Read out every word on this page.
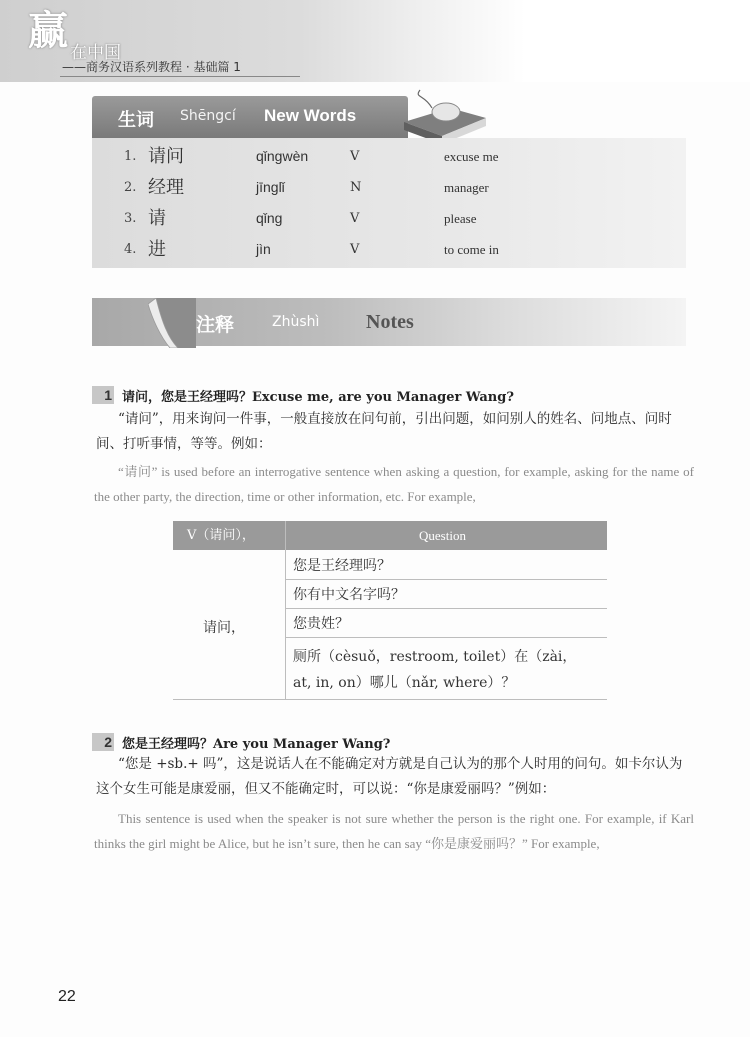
赢 在中国
——商务汉语系列教程 · 基础篇 1
生词 Shēngcí New Words
1. 请问	qǐngwèn	V	excuse me
2. 经理	jīnglǐ	N	manager
3. 请	qǐng	V	please
4. 进	jìn	V	to come in
注释	Zhùshì Notes
1 请问，您是王经理吗？Excuse me, are you Manager Wang?
“请问”，用来询问一件事，一般直接放在问句前，引出问题，如问别人的姓名、问地点、问时间、打听事情，等等。例如：
“请问” is used before an interrogative sentence when asking a question, for example, asking for the name of the other party, the direction, time or other information, etc. For example,
V（请问），	Question
请问，
您是王经理吗？
你有中文名字吗？
您贵姓？
厕所（cèsuǒ，restroom, toilet）在（zài，
at, in, on）哪儿（nǎr, where）？
2 您是王经理吗？Are you Manager Wang?
“您是 +sb.+ 吗”，这是说话人在不能确定对方就是自己认为的那个人时用的问句。如卡尔认为这个女生可能是康爱丽，但又不能确定时，可以说：“你是康爱丽吗？”例如：
This sentence is used when the speaker is not sure whether the person is the right one. For example, if Karl thinks the girl might be Alice, but he isn’t sure, then he can say “你是康爱丽吗？” For example,
22
